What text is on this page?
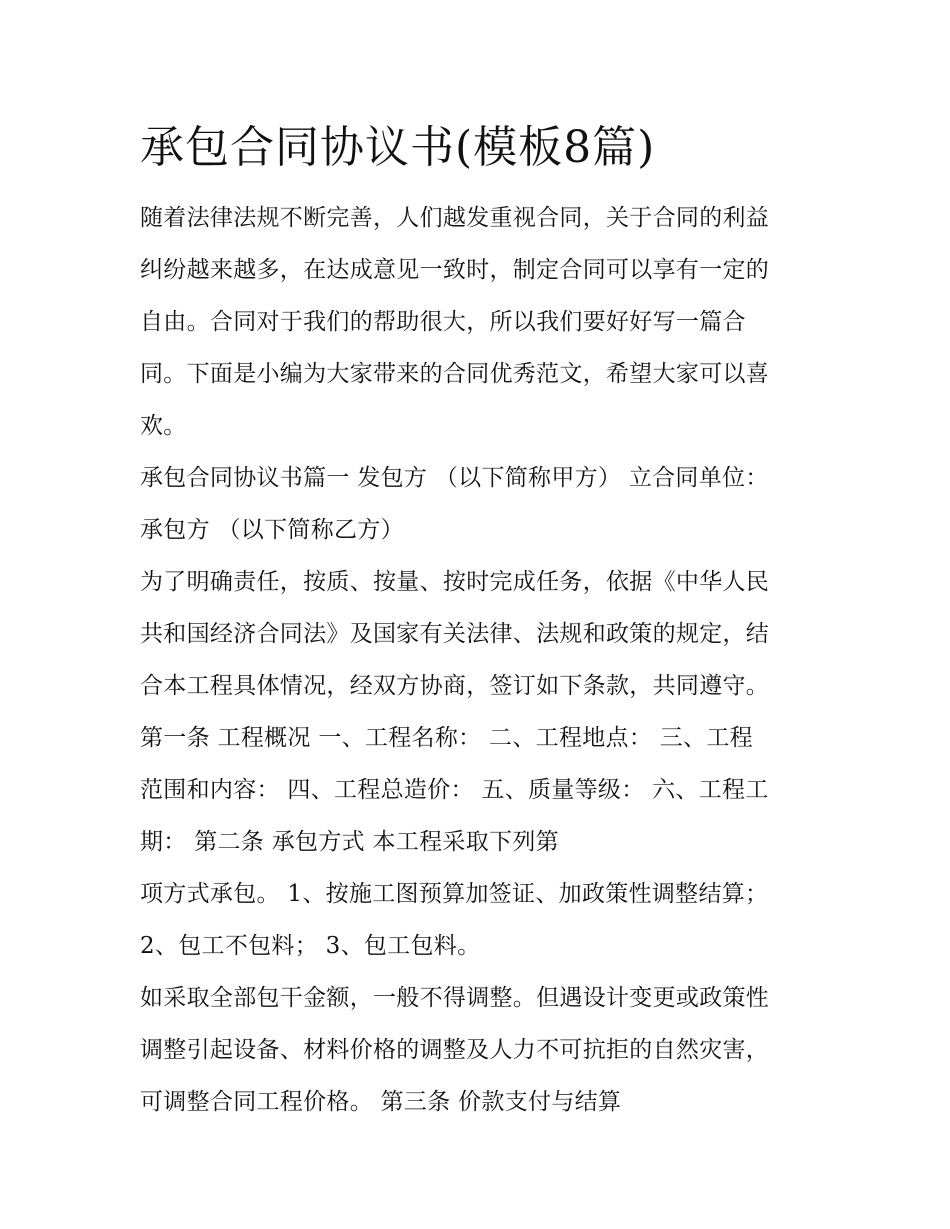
承包合同协议书(模板8篇)
随着法律法规不断完善，人们越发重视合同，关于合同的利益
纠纷越来越多，在达成意见一致时，制定合同可以享有一定的
自由。合同对于我们的帮助很大，所以我们要好好写一篇合
同。下面是小编为大家带来的合同优秀范文，希望大家可以喜
欢。
承包合同协议书篇一 发包方 （以下简称甲方） 立合同单位：
承包方 （以下简称乙方）
为了明确责任，按质、按量、按时完成任务，依据《中华人民
共和国经济合同法》及国家有关法律、法规和政策的规定，结
合本工程具体情况，经双方协商，签订如下条款，共同遵守。
第一条 工程概况 一、工程名称： 二、工程地点： 三、工程
范围和内容： 四、工程总造价： 五、质量等级： 六、工程工
期： 第二条 承包方式 本工程采取下列第
项方式承包。 1、按施工图预算加签证、加政策性调整结算；
2、包工不包料； 3、包工包料。
如采取全部包干金额，一般不得调整。但遇设计变更或政策性
调整引起设备、材料价格的调整及人力不可抗拒的自然灾害，
可调整合同工程价格。 第三条 价款支付与结算
